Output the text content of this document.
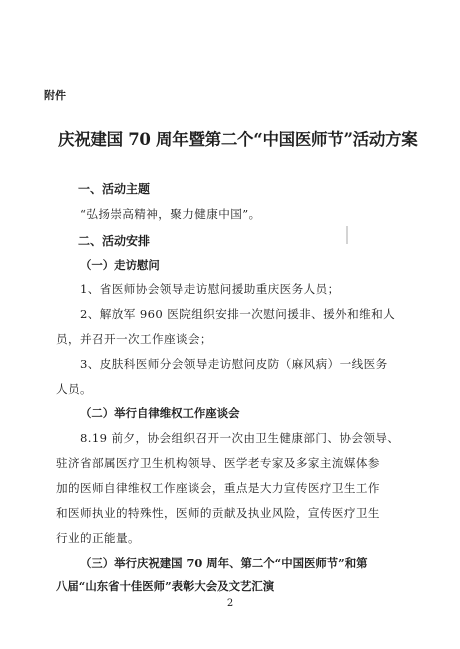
附件
庆祝建国 70 周年暨第二个“中国医师节”活动方案
一、活动主题
“弘扬崇高精神，聚力健康中国”。
二、活动安排
（一）走访慰问
1、省医师协会领导走访慰问援助重庆医务人员；
2、解放军 960 医院组织安排一次慰问援非、援外和维和人
员，并召开一次工作座谈会；
3、皮肤科医师分会领导走访慰问皮防（麻风病）一线医务
人员。
（二）举行自律维权工作座谈会
8.19 前夕，协会组织召开一次由卫生健康部门、协会领导、
驻济省部属医疗卫生机构领导、医学老专家及多家主流媒体参
加的医师自律维权工作座谈会，重点是大力宣传医疗卫生工作
和医师执业的特殊性，医师的贡献及执业风险，宣传医疗卫生
行业的正能量。
（三）举行庆祝建国 70 周年、第二个“中国医师节”和第
八届“山东省十佳医师”表彰大会及文艺汇演
2
